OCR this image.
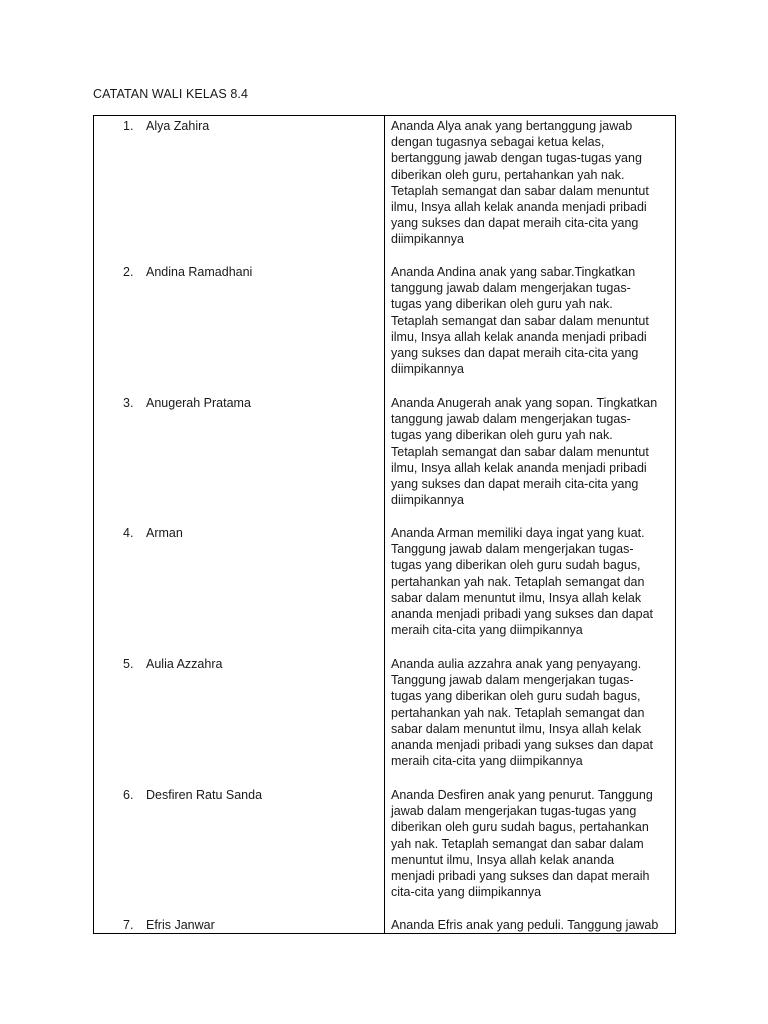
CATATAN WALI KELAS 8.4
1. Alya Zahira	Ananda Alya anak yang bertanggung jawab
dengan tugasnya sebagai ketua kelas,
bertanggung jawab dengan tugas-tugas yang
diberikan oleh guru, pertahankan yah nak.
Tetaplah semangat dan sabar dalam menuntut
ilmu, Insya allah kelak ananda menjadi pribadi
yang sukses dan dapat meraih cita-cita yang
diimpikannya
2. Andina Ramadhani	Ananda Andina anak yang sabar.Tingkatkan
tanggung jawab dalam mengerjakan tugas-
tugas yang diberikan oleh guru yah nak.
Tetaplah semangat dan sabar dalam menuntut
ilmu, Insya allah kelak ananda menjadi pribadi
yang sukses dan dapat meraih cita-cita yang
diimpikannya
3. Anugerah Pratama	Ananda Anugerah anak yang sopan. Tingkatkan
tanggung jawab dalam mengerjakan tugas-
tugas yang diberikan oleh guru yah nak.
Tetaplah semangat dan sabar dalam menuntut
ilmu, Insya allah kelak ananda menjadi pribadi
yang sukses dan dapat meraih cita-cita yang
diimpikannya
4. Arman	Ananda Arman memiliki daya ingat yang kuat.
Tanggung jawab dalam mengerjakan tugas-
tugas yang diberikan oleh guru sudah bagus,
pertahankan yah nak. Tetaplah semangat dan
sabar dalam menuntut ilmu, Insya allah kelak
ananda menjadi pribadi yang sukses dan dapat
meraih cita-cita yang diimpikannya
5. Aulia Azzahra	Ananda aulia azzahra anak yang penyayang.
Tanggung jawab dalam mengerjakan tugas-
tugas yang diberikan oleh guru sudah bagus,
pertahankan yah nak. Tetaplah semangat dan
sabar dalam menuntut ilmu, Insya allah kelak
ananda menjadi pribadi yang sukses dan dapat
meraih cita-cita yang diimpikannya
6. Desfiren Ratu Sanda	Ananda Desfiren anak yang penurut. Tanggung
jawab dalam mengerjakan tugas-tugas yang
diberikan oleh guru sudah bagus, pertahankan
yah nak. Tetaplah semangat dan sabar dalam
menuntut ilmu, Insya allah kelak ananda
menjadi pribadi yang sukses dan dapat meraih
cita-cita yang diimpikannya
7. Efris Janwar	Ananda Efris anak yang peduli. Tanggung jawab
